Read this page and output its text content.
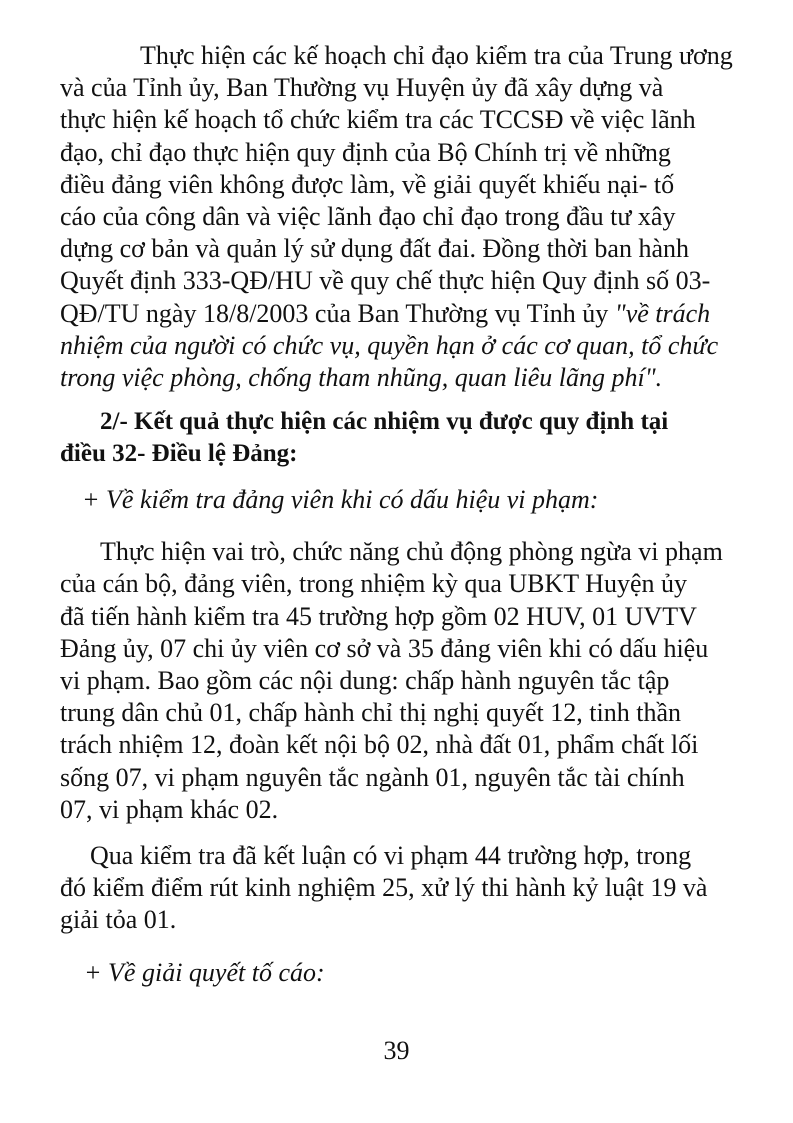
Thực hiện các kế hoạch chỉ đạo kiểm tra của Trung ương
và của Tỉnh ủy, Ban Thường vụ Huyện ủy đã xây dựng và
thực hiện kế hoạch tổ chức kiểm tra các TCCSĐ về việc lãnh
đạo, chỉ đạo thực hiện quy định của Bộ Chính trị về những
điều đảng viên không được làm, về giải quyết khiếu nại- tố
cáo của công dân và việc lãnh đạo chỉ đạo trong đầu tư xây
dựng cơ bản và quản lý sử dụng đất đai. Đồng thời ban hành
Quyết định 333-QĐ/HU về quy chế thực hiện Quy định số 03-
QĐ/TU ngày 18/8/2003 của Ban Thường vụ Tỉnh ủy "về trách
nhiệm của người có chức vụ, quyền hạn ở các cơ quan, tổ chức
trong việc phòng, chống tham nhũng, quan liêu lãng phí".
2/- Kết quả thực hiện các nhiệm vụ được quy định tại
điều 32- Điều lệ Đảng:
+ Về kiểm tra đảng viên khi có dấu hiệu vi phạm:
Thực hiện vai trò, chức năng chủ động phòng ngừa vi phạm
của cán bộ, đảng viên, trong nhiệm kỳ qua UBKT Huyện ủy
đã tiến hành kiểm tra 45 trường hợp gồm 02 HUV, 01 UVTV
Đảng ủy, 07 chi ủy viên cơ sở và 35 đảng viên khi có dấu hiệu
vi phạm. Bao gồm các nội dung: chấp hành nguyên tắc tập
trung dân chủ 01, chấp hành chỉ thị nghị quyết 12, tinh thần
trách nhiệm 12, đoàn kết nội bộ 02, nhà đất 01, phẩm chất lối
sống 07, vi phạm nguyên tắc ngành 01, nguyên tắc tài chính
07, vi phạm khác 02.
Qua kiểm tra đã kết luận có vi phạm 44 trường hợp, trong
đó kiểm điểm rút kinh nghiệm 25, xử lý thi hành kỷ luật 19 và
giải tỏa 01.
+ Về giải quyết tố cáo:
39
